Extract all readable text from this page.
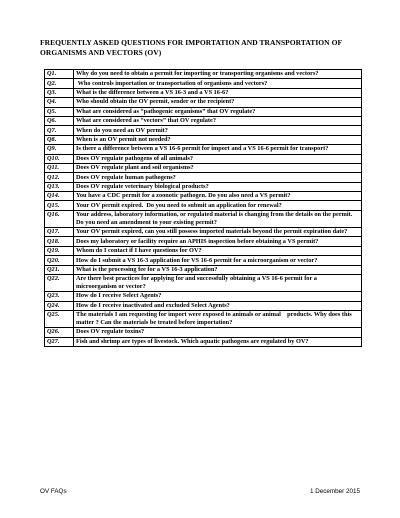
FREQUENTLY ASKED QUESTIONS FOR IMPORTATION AND TRANSPORTATION OF ORGANISMS AND VECTORS (OV)
Q1.	Why do you need to obtain a permit for importing or transporting organisms and vectors?
Q2.	Who controls importation or transportation of organisms and vectors?
Q3.	What is the difference between a VS 16-3 and a VS 16-6?
Q4.	Who should obtain the OV permit, sender or the recipient?
Q5.	What are considered as “pathogenic organisms” that OV regulate?
Q6.	What are considered as “vectors” that OV regulate?
Q7.	When do you need an OV permit?
Q8.	When is an OV permit not needed?
Q9.	Is there a difference between a VS 16-6 permit for import and a VS 16-6 permit for transport?
Q10.	Does OV regulate pathogens of all animals?
Q11.	Does OV regulate plant and soil organisms?
Q12.	Does OV regulate human pathogens?
Q13.	Does OV regulate veterinary biological products?
Q14.	You have a CDC permit for a zoonotic pathogen. Do you also need a VS permit?
Q15.	Your OV permit expired.  Do you need to submit an application for renewal?
Q16.	Your address, laboratory information, or regulated material is changing from the details on the permit. Do you need an amendment to your existing permit?
Q17.	Your OV permit expired, can you still possess imported materials beyond the permit expiration date?
Q18.	Does my laboratory or facility require an APHIS inspection before obtaining a VS permit?
Q19.	Whom do I contact if I have questions for OV?
Q20.	How do I submit a VS 16-3 application for VS 16-6 permit for a microorganism or vector?
Q21.	What is the processing fee for a VS 16-3 application?
Q22.	Are there best practices for applying for and successfully obtaining a VS 16-6 permit for a microorganism or vector?
Q23.	How do I receive Select Agents?
Q24.	How do I receive inactivated and excluded Select Agents?
Q25.	The materials I am requesting for import were exposed to animals or animal    products. Why does this matter ? Can the materials be treated before importation?
Q26.	Does OV regulate toxins?
Q27.	Fish and shrimp are types of livestock. Which aquatic pathogens are regulated by OV?
OV FAQs	1 December 2015
